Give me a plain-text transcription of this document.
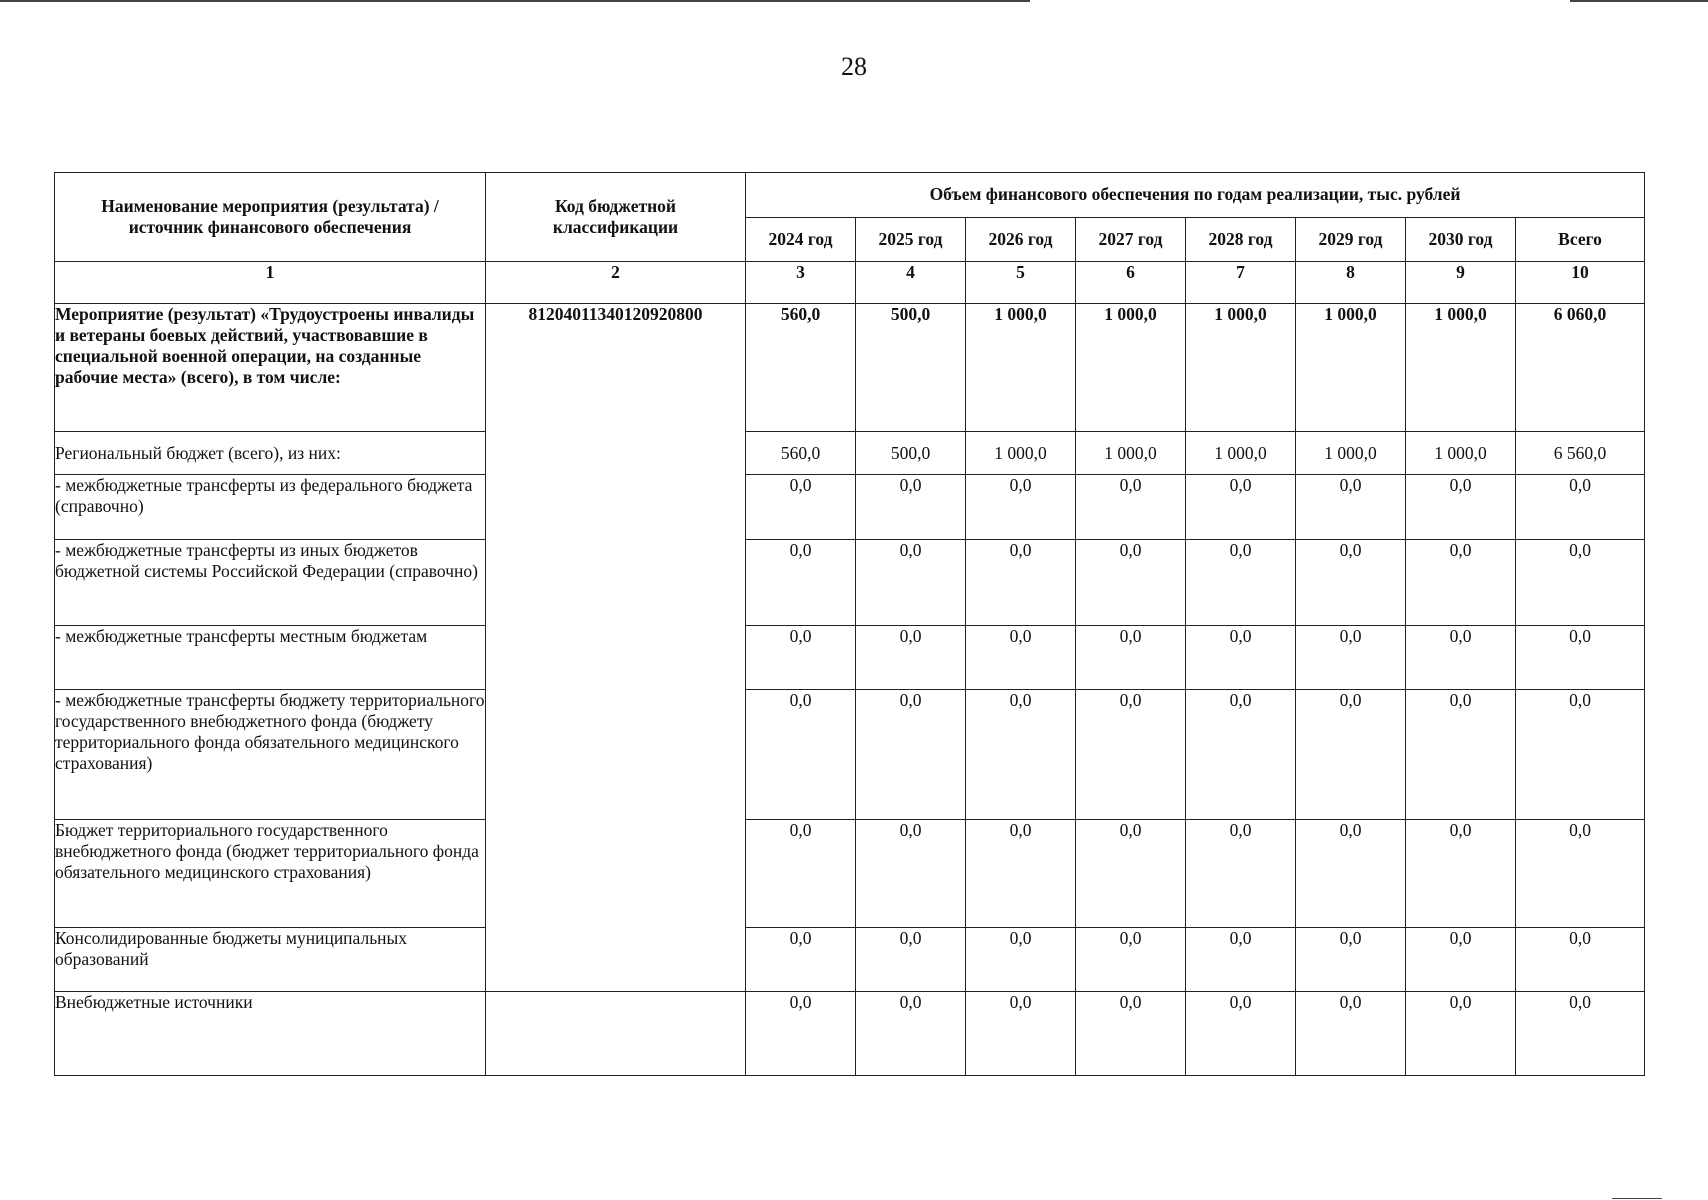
28
Наименование мероприятия (результата) / источник финансового обеспечения	Код бюджетной классификации	Объем финансового обеспечения по годам реализации, тыс. рублей							
		2024 год	2025 год	2026 год	2027 год	2028 год	2029 год	2030 год	Всего
1	2	3	4	5	6	7	8	9	10
Мероприятие (результат) «Трудоустроены инвалиды и ветераны боевых действий, участвовавшие в специальной военной операции, на созданные рабочие места» (всего), в том числе:	81204011340120920800	560,0	500,0	1 000,0	1 000,0	1 000,0	1 000,0	1 000,0	6 060,0
Региональный бюджет (всего), из них:		560,0	500,0	1 000,0	1 000,0	1 000,0	1 000,0	1 000,0	6 560,0
- межбюджетные трансферты из федерального бюджета (справочно)		0,0	0,0	0,0	0,0	0,0	0,0	0,0	0,0
- межбюджетные трансферты из иных бюджетов бюджетной системы Российской Федерации (справочно)		0,0	0,0	0,0	0,0	0,0	0,0	0,0	0,0
- межбюджетные трансферты местным бюджетам		0,0	0,0	0,0	0,0	0,0	0,0	0,0	0,0
- межбюджетные трансферты бюджету территориального государственного внебюджетного фонда (бюджету территориального фонда обязательного медицинского страхования)		0,0	0,0	0,0	0,0	0,0	0,0	0,0	0,0
Бюджет территориального государственного внебюджетного фонда (бюджет территориального фонда обязательного медицинского страхования)		0,0	0,0	0,0	0,0	0,0	0,0	0,0	0,0
Консолидированные бюджеты муниципальных образований		0,0	0,0	0,0	0,0	0,0	0,0	0,0	0,0
Внебюджетные источники		0,0	0,0	0,0	0,0	0,0	0,0	0,0	0,0
